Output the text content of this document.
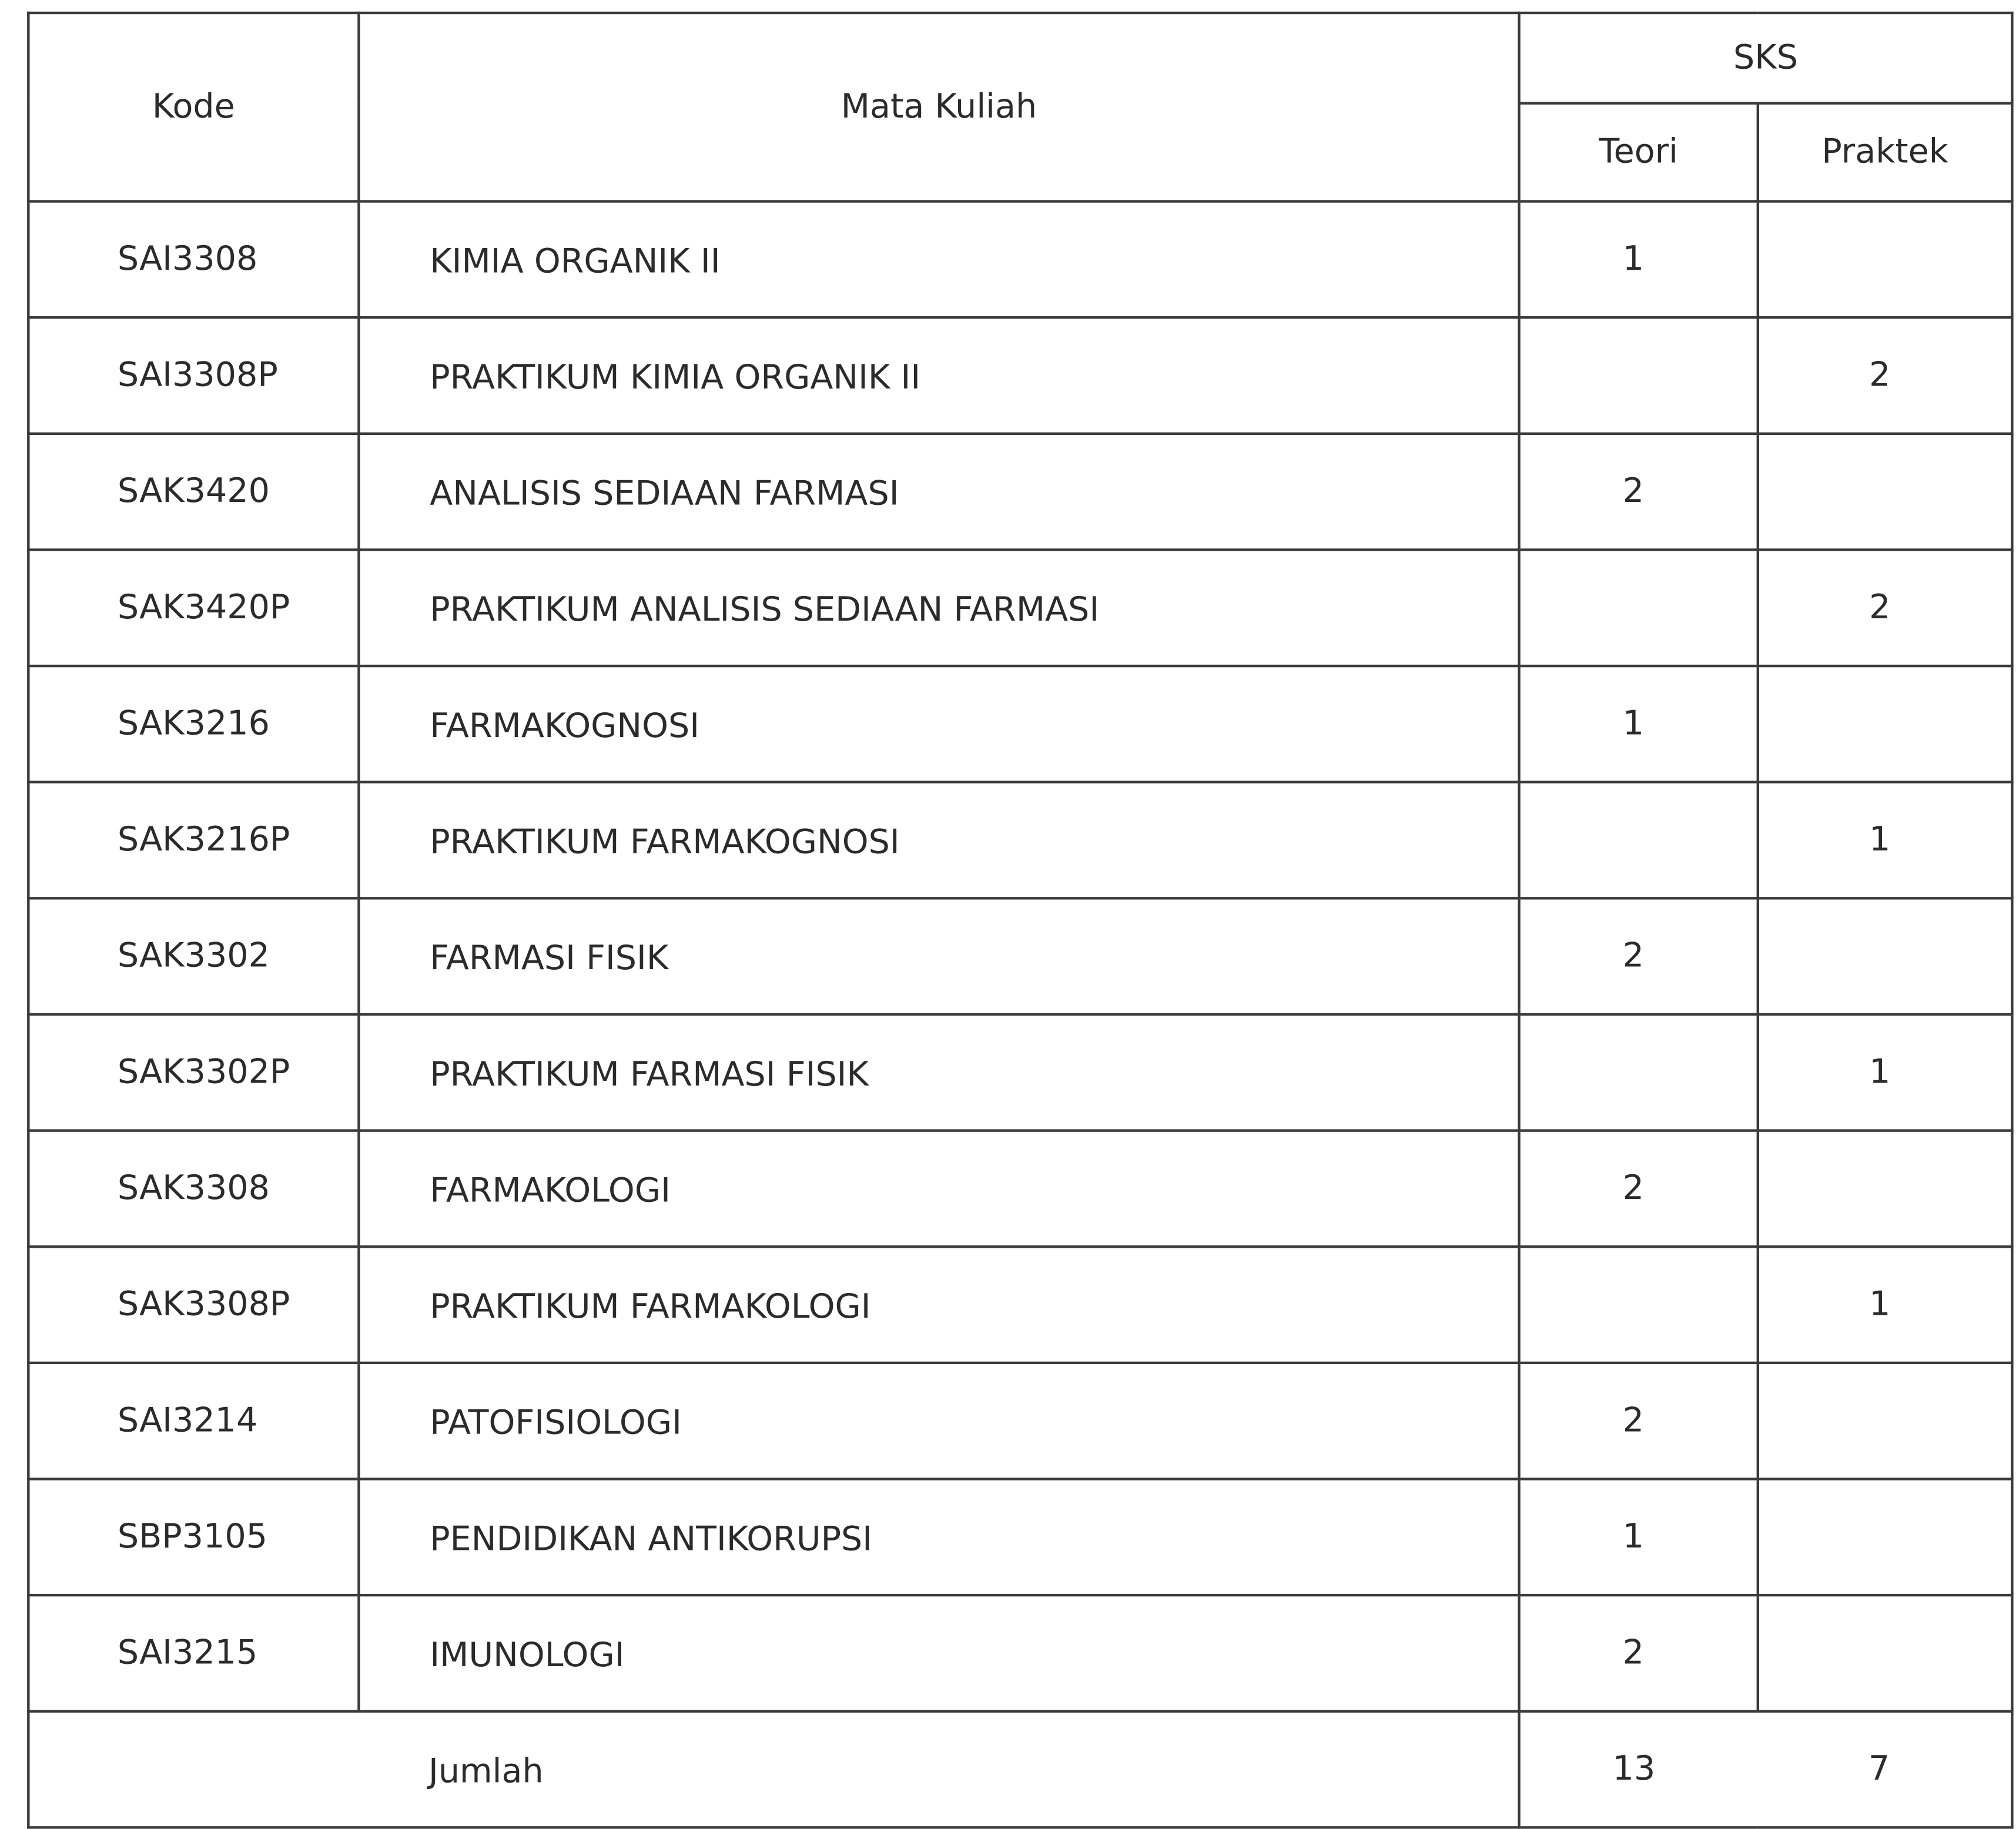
Kode	Mata Kuliah	SKS	
		Teori	Praktek
SAI3308	KIMIA ORGANIK II	1	
SAI3308P	PRAKTIKUM KIMIA ORGANIK II		2
SAK3420	ANALISIS SEDIAAN FARMASI	2	
SAK3420P	PRAKTIKUM ANALISIS SEDIAAN FARMASI		2
SAK3216	FARMAKOGNOSI	1	
SAK3216P	PRAKTIKUM FARMAKOGNOSI		1
SAK3302	FARMASI FISIK	2	
SAK3302P	PRAKTIKUM FARMASI FISIK		1
SAK3308	FARMAKOLOGI	2	
SAK3308P	PRAKTIKUM FARMAKOLOGI		1
SAI3214	PATOFISIOLOGI	2	
SBP3105	PENDIDIKAN ANTIKORUPSI	1	
SAI3215	IMUNOLOGI	2	
	Jumlah	13	7
